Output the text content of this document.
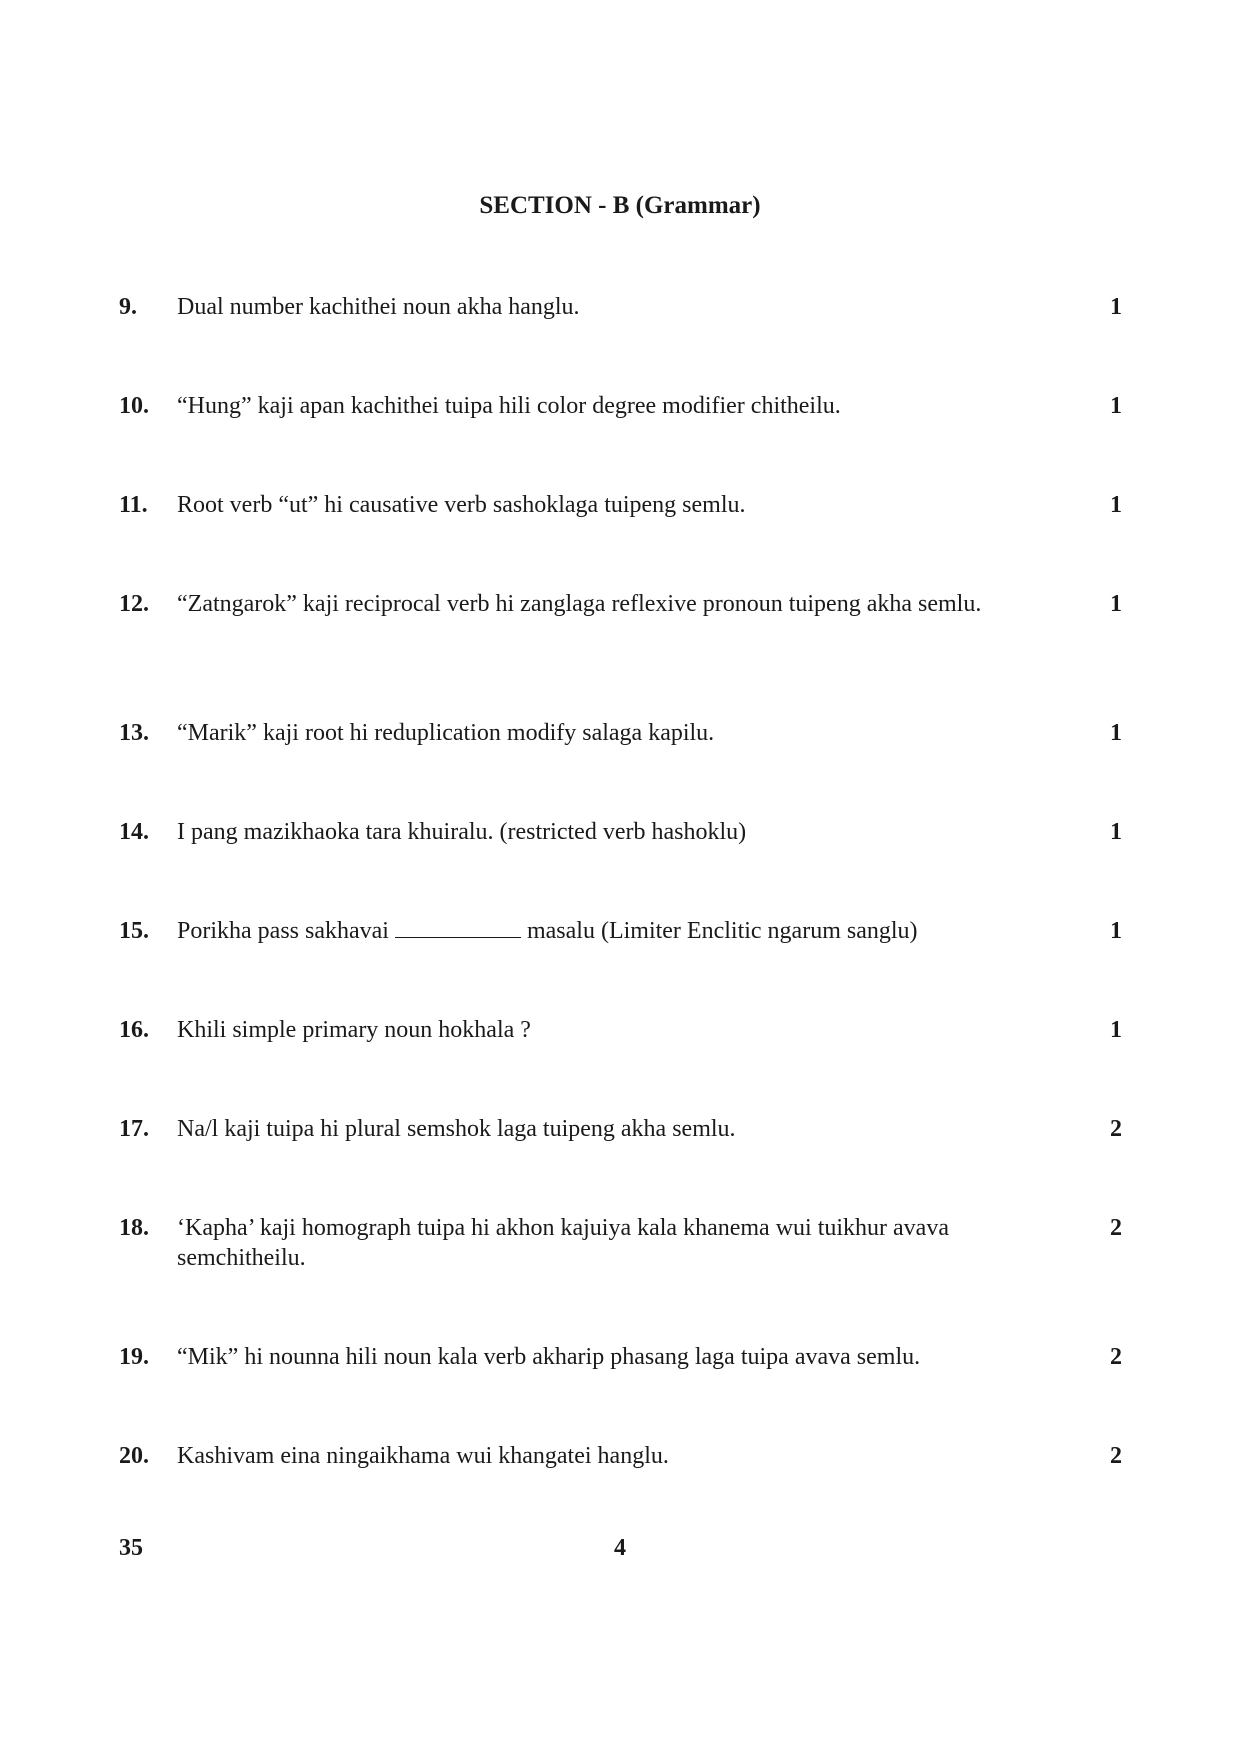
SECTION - B (Grammar)
9. Dual number kachithei noun akha hanglu.	1
10. “Hung” kaji apan kachithei tuipa hili color degree modifier chitheilu.	1
11. Root verb “ut” hi causative verb sashoklaga tuipeng semlu.	1
12. “Zatngarok” kaji reciprocal verb hi zanglaga reflexive pronoun tuipeng akha semlu.	1
13. “Marik” kaji root hi reduplication modify salaga kapilu.	1
14. I pang mazikhaoka tara khuiralu. (restricted verb hashoklu)	1
15. Porikha pass sakhavai	masalu (Limiter Enclitic ngarum sanglu)	1
16. Khili simple primary noun hokhala ?	1
17. Na/l kaji tuipa hi plural semshok laga tuipeng akha semlu.	2
18. ‘Kapha’ kaji homograph tuipa hi akhon kajuiya kala khanema wui tuikhur avava semchitheilu.
2
19. “Mik” hi nounna hili noun kala verb akharip phasang laga tuipa avava semlu.	2
20. Kashivam eina ningaikhama wui khangatei hanglu.	2
35	4
